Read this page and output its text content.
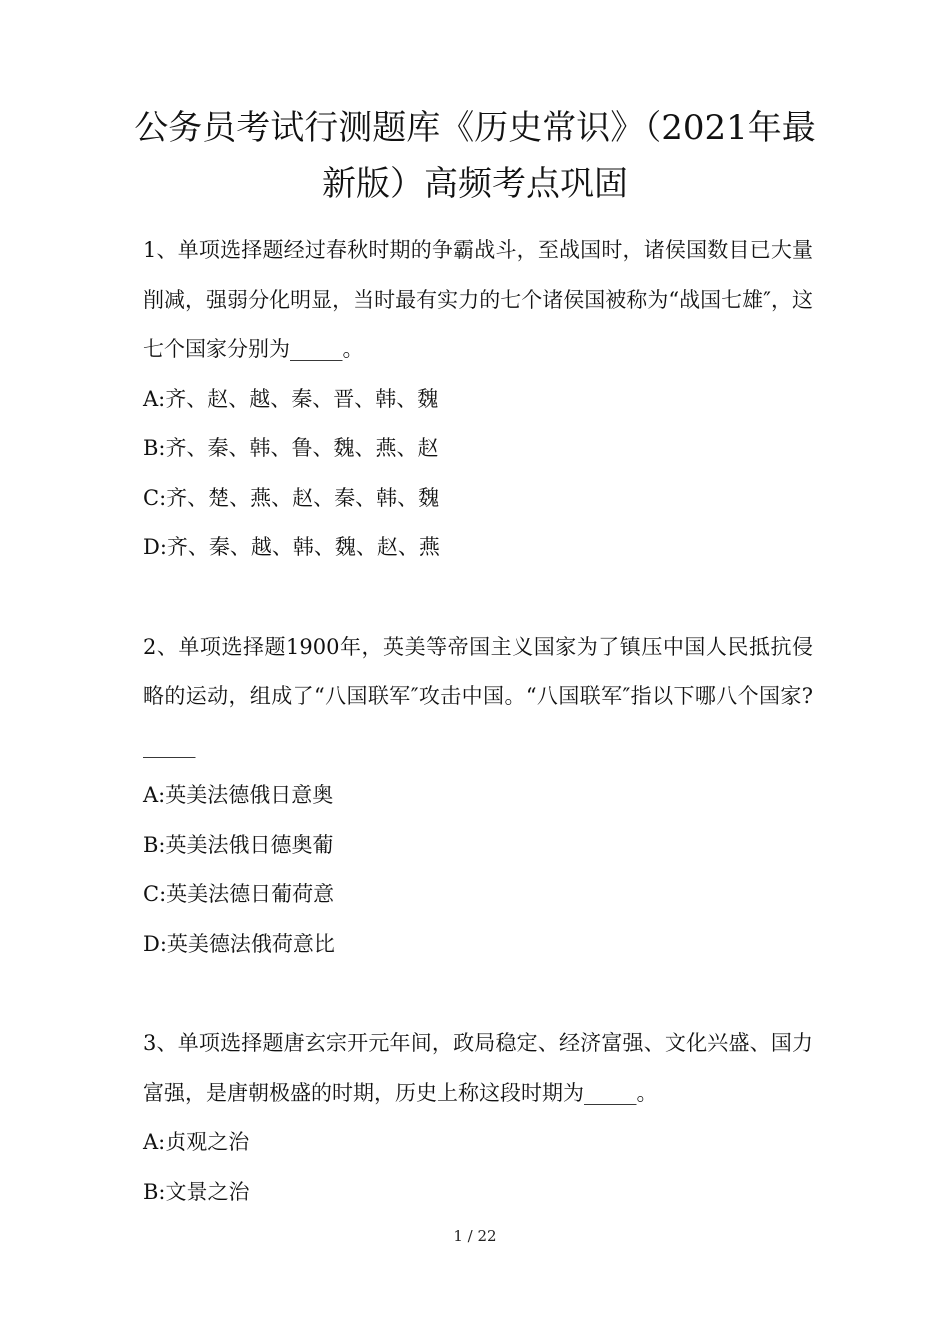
公务员考试行测题库《历史常识》（2021年最
新版）高频考点巩固

1、单项选择题经过春秋时期的争霸战斗，至战国时，诸侯国数目已大量削减，强弱分化明显，当时最有实力的七个诸侯国被称为“战国七雄″，这七个国家分别为_____。

A:齐、赵、越、秦、晋、韩、魏

B:齐、秦、韩、鲁、魏、燕、赵

C:齐、楚、燕、赵、秦、韩、魏

D:齐、秦、越、韩、魏、赵、燕

2、单项选择题1900年，英美等帝国主义国家为了镇压中国人民抵抗侵略的运动，组成了“八国联军″攻击中国。“八国联军″指以下哪八个国家?_____

A:英美法德俄日意奥

B:英美法俄日德奥葡

C:英美法德日葡荷意

D:英美德法俄荷意比

3、单项选择题唐玄宗开元年间，政局稳定、经济富强、文化兴盛、国力富强，是唐朝极盛的时期，历史上称这段时期为_____。

A:贞观之治

B:文景之治

1 / 22
